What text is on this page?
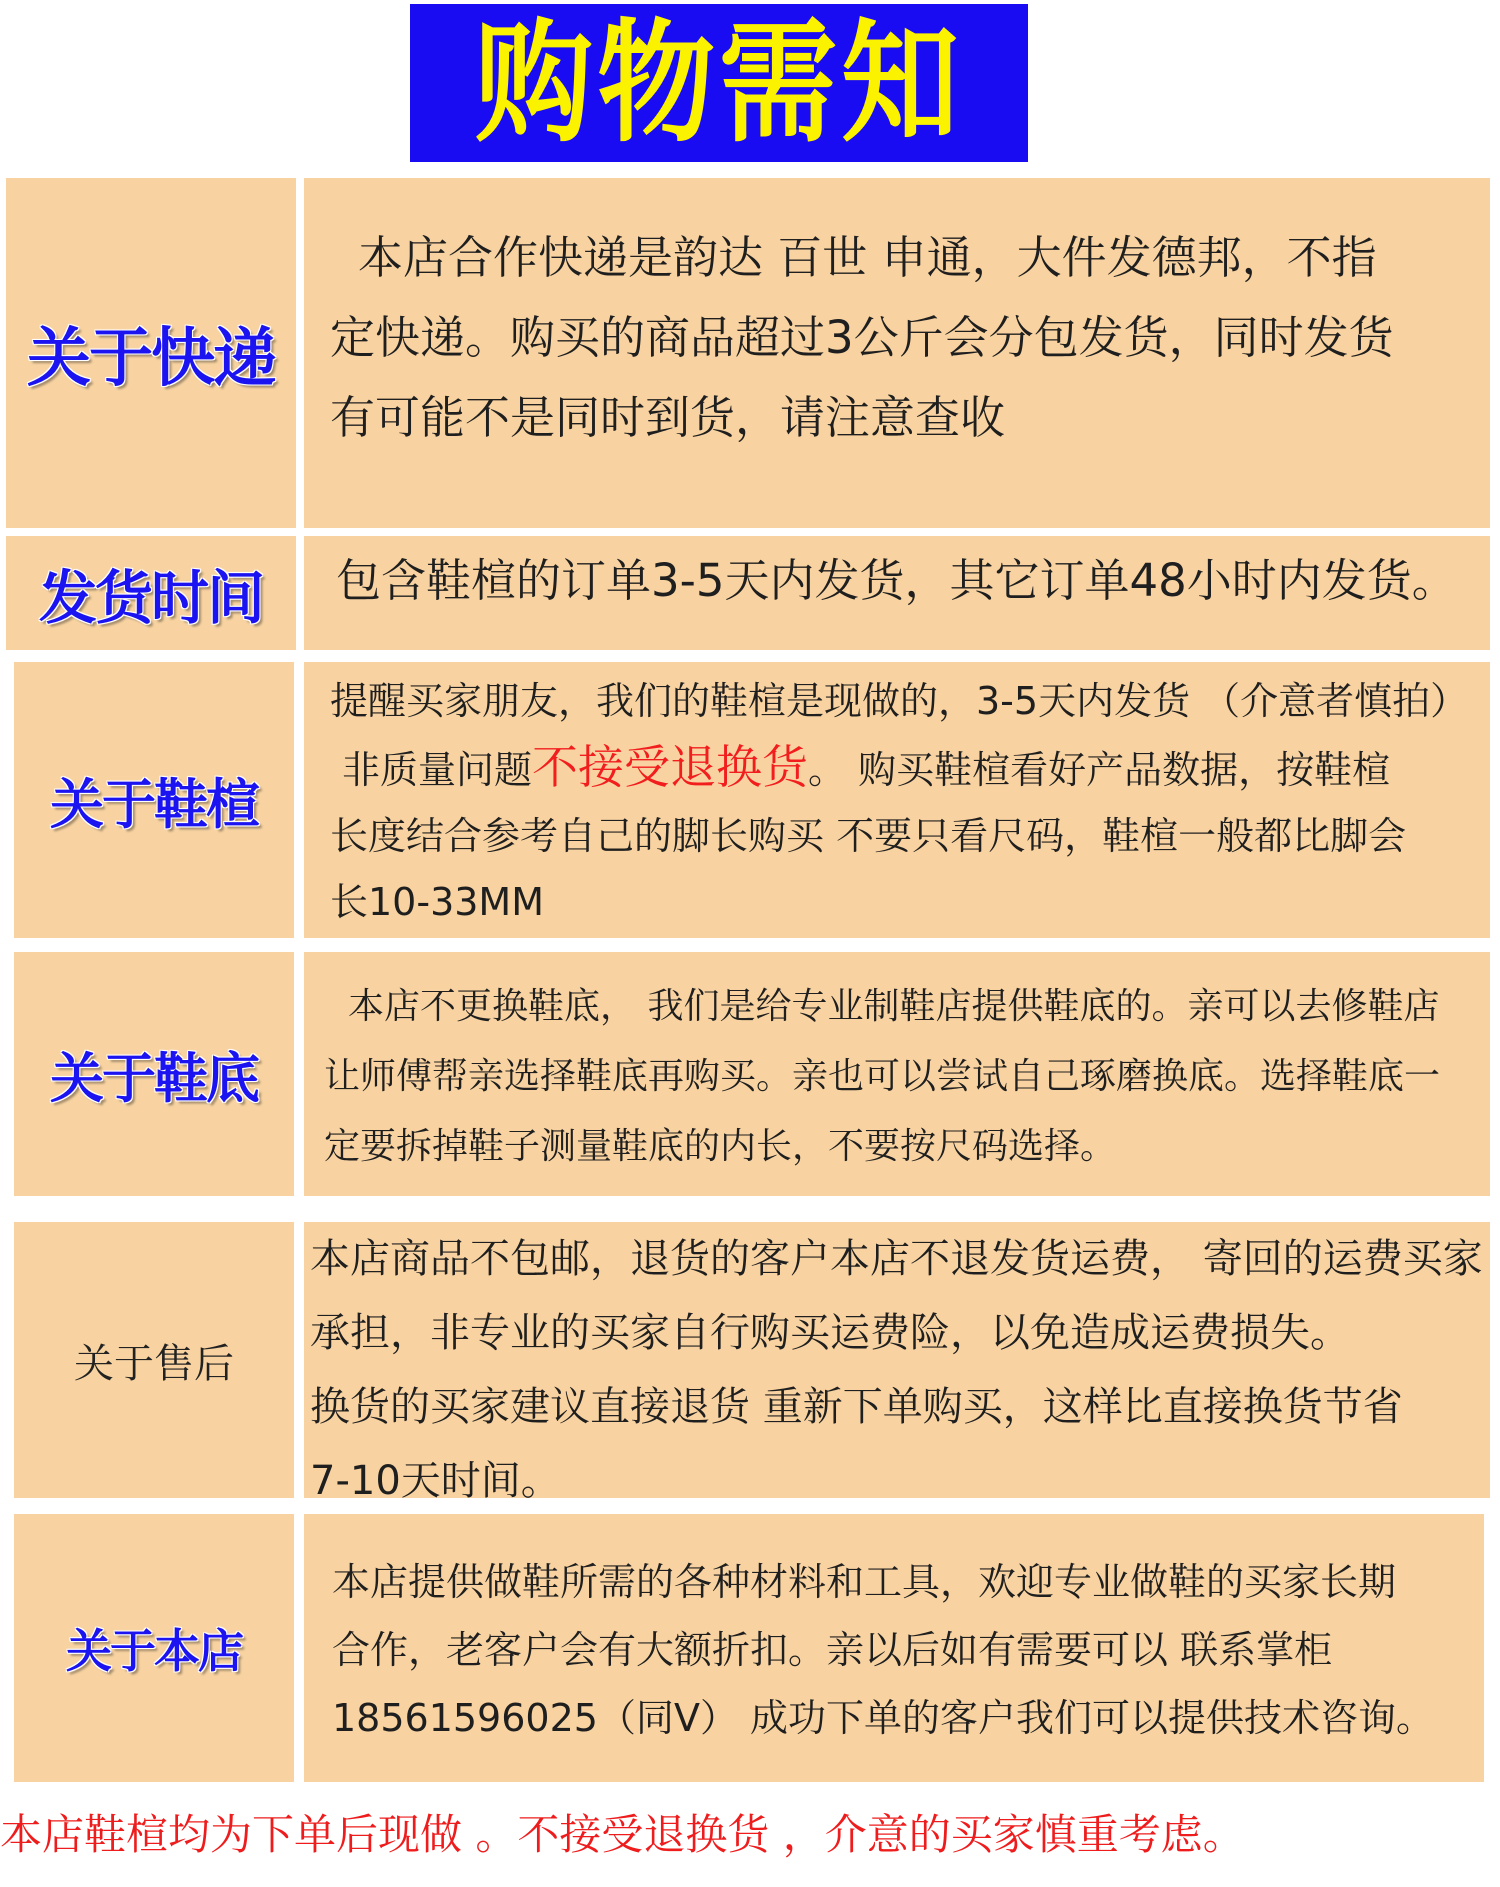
购物需知
关于快递
本店合作快递是韵达 百世 申通，大件发德邦，不指
定快递。购买的商品超过3公斤会分包发货，同时发货
有可能不是同时到货，请注意查收
发货时间 包含鞋楦的订单3-5天内发货，其它订单48小时内发货。
关于鞋楦
提醒买家朋友，我们的鞋楦是现做的，3-5天内发货 （介意者慎拍）
非质量问题不接受退换货。 购买鞋楦看好产品数据，按鞋楦
长度结合参考自己的脚长购买 不要只看尺码，鞋楦一般都比脚会
长10-33MM
关于鞋底
本店不更换鞋底， 我们是给专业制鞋店提供鞋底的。亲可以去修鞋店
让师傅帮亲选择鞋底再购买。亲也可以尝试自己琢磨换底。选择鞋底一
定要拆掉鞋子测量鞋底的内长，不要按尺码选择。
关于售后
本店商品不包邮，退货的客户本店不退发货运费， 寄回的运费买家
承担，非专业的买家自行购买运费险，以免造成运费损失。
换货的买家建议直接退货 重新下单购买，这样比直接换货节省
7-10天时间。
关于本店
本店提供做鞋所需的各种材料和工具，欢迎专业做鞋的买家长期
合作，老客户会有大额折扣。亲以后如有需要可以 联系掌柜
18561596025（同V） 成功下单的客户我们可以提供技术咨询。
本店鞋楦均为下单后现做 。不接受退换货 ，介意的买家慎重考虑。
